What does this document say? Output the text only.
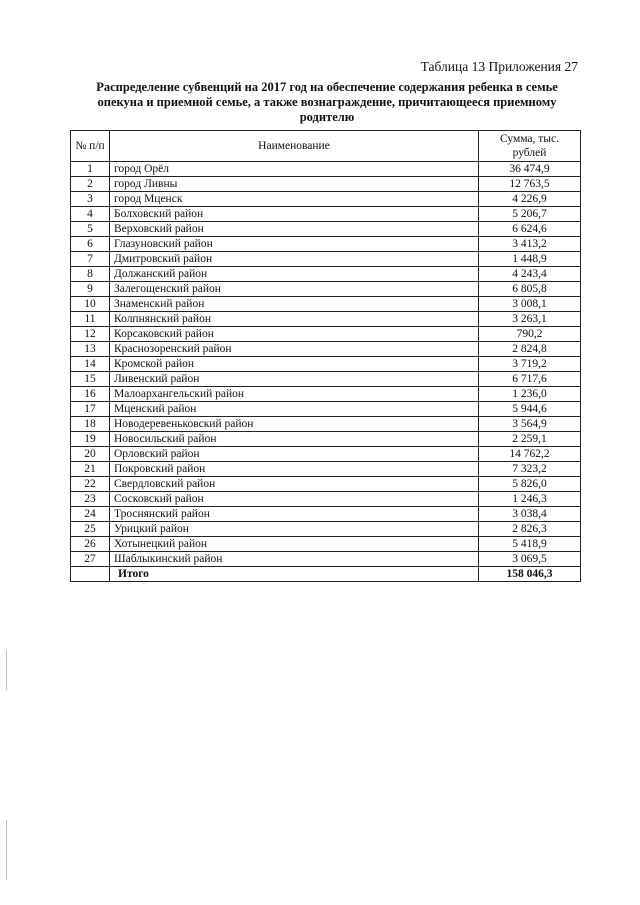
Таблица 13 Приложения 27
Распределение субвенций на 2017 год на обеспечение содержания ребенка в семье опекуна и приемной семье, а также вознаграждение, причитающееся приемному родителю
№ п/п	Наименование	Сумма, тыс. рублей
1	город Орёл	36 474,9
2	город Ливны	12 763,5
3	город Мценск	4 226,9
4	Болховский район	5 206,7
5	Верховский район	6 624,6
6	Глазуновский район	3 413,2
7	Дмитровский район	1 448,9
8	Должанский район	4 243,4
9	Залегощенский район	6 805,8
10	Знаменский район	3 008,1
11	Колпнянский район	3 263,1
12	Корсаковский район	790,2
13	Краснозоренский район	2 824,8
14	Кромской район	3 719,2
15	Ливенский район	6 717,6
16	Малоархангельский район	1 236,0
17	Мценский район	5 944,6
18	Новодеревеньковский район	3 564,9
19	Новосильский район	2 259,1
20	Орловский район	14 762,2
21	Покровский район	7 323,2
22	Свердловский район	5 826,0
23	Сосковский район	1 246,3
24	Троснянский район	3 038,4
25	Урицкий район	2 826,3
26	Хотынецкий район	5 418,9
27	Шаблыкинский район	3 069,5
	Итого	158 046,3
